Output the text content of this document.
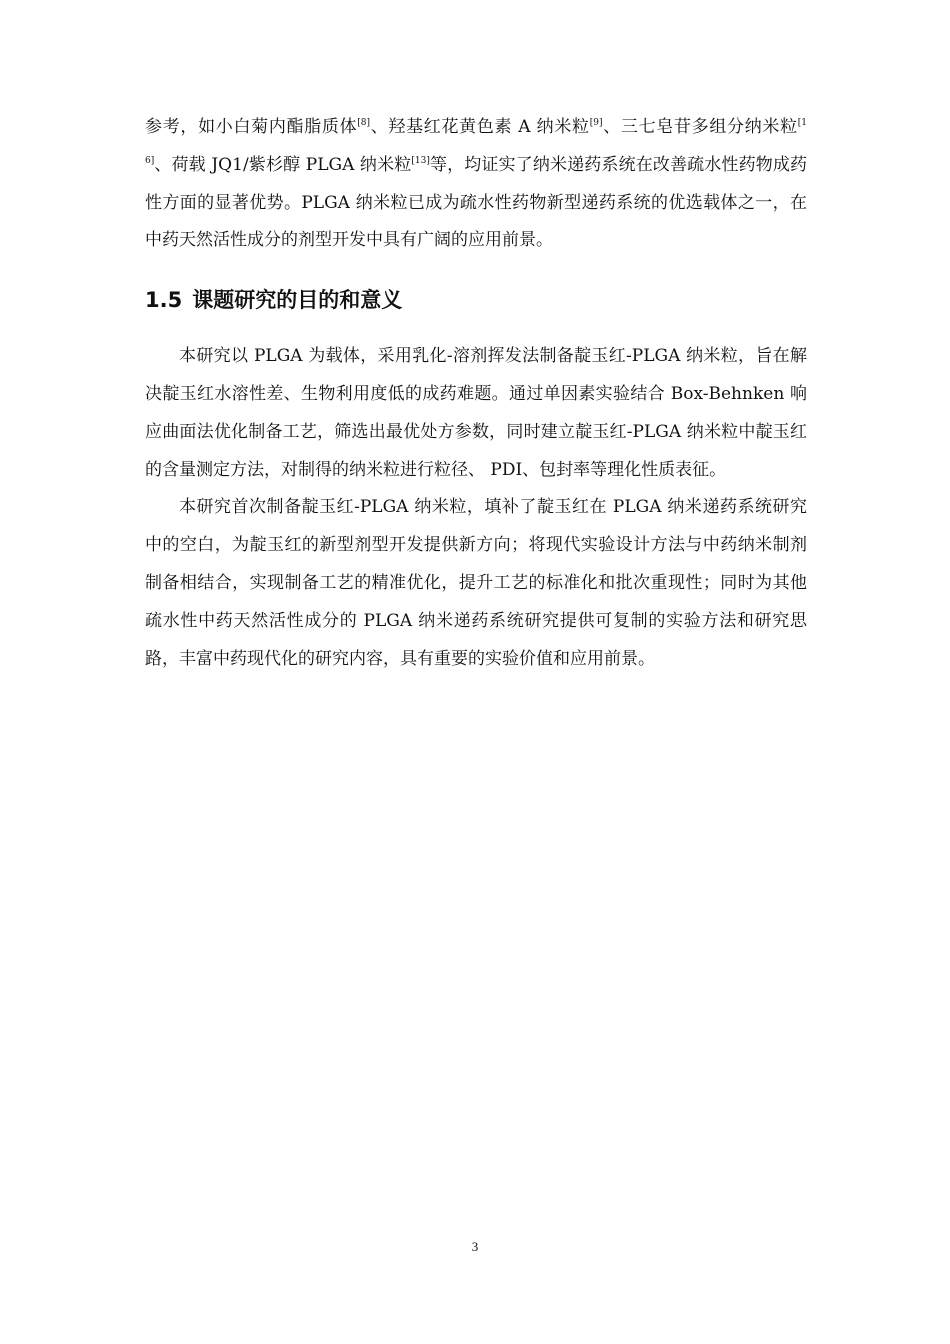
参考，如小白菊内酯脂质体[8]、羟基红花黄色素 A 纳米粒[9]、三七皂苷多组分纳米粒[16]、荷载 JQ1/紫杉醇 PLGA 纳米粒[13]等，均证实了纳米递药系统在改善疏水性药物成药性方面的显著优势。PLGA 纳米粒已成为疏水性药物新型递药系统的优选载体之一，在中药天然活性成分的剂型开发中具有广阔的应用前景。

1.5 课题研究的目的和意义

本研究以 PLGA 为载体，采用乳化-溶剂挥发法制备靛玉红-PLGA 纳米粒，旨在解决靛玉红水溶性差、生物利用度低的成药难题。通过单因素实验结合 Box-Behnken 响应曲面法优化制备工艺，筛选出最优处方参数，同时建立靛玉红-PLGA 纳米粒中靛玉红的含量测定方法，对制得的纳米粒进行粒径、 PDI、包封率等理化性质表征。

本研究首次制备靛玉红-PLGA 纳米粒，填补了靛玉红在 PLGA 纳米递药系统研究中的空白，为靛玉红的新型剂型开发提供新方向；将现代实验设计方法与中药纳米制剂制备相结合，实现制备工艺的精准优化，提升工艺的标准化和批次重现性；同时为其他疏水性中药天然活性成分的 PLGA 纳米递药系统研究提供可复制的实验方法和研究思路，丰富中药现代化的研究内容，具有重要的实验价值和应用前景。

3
